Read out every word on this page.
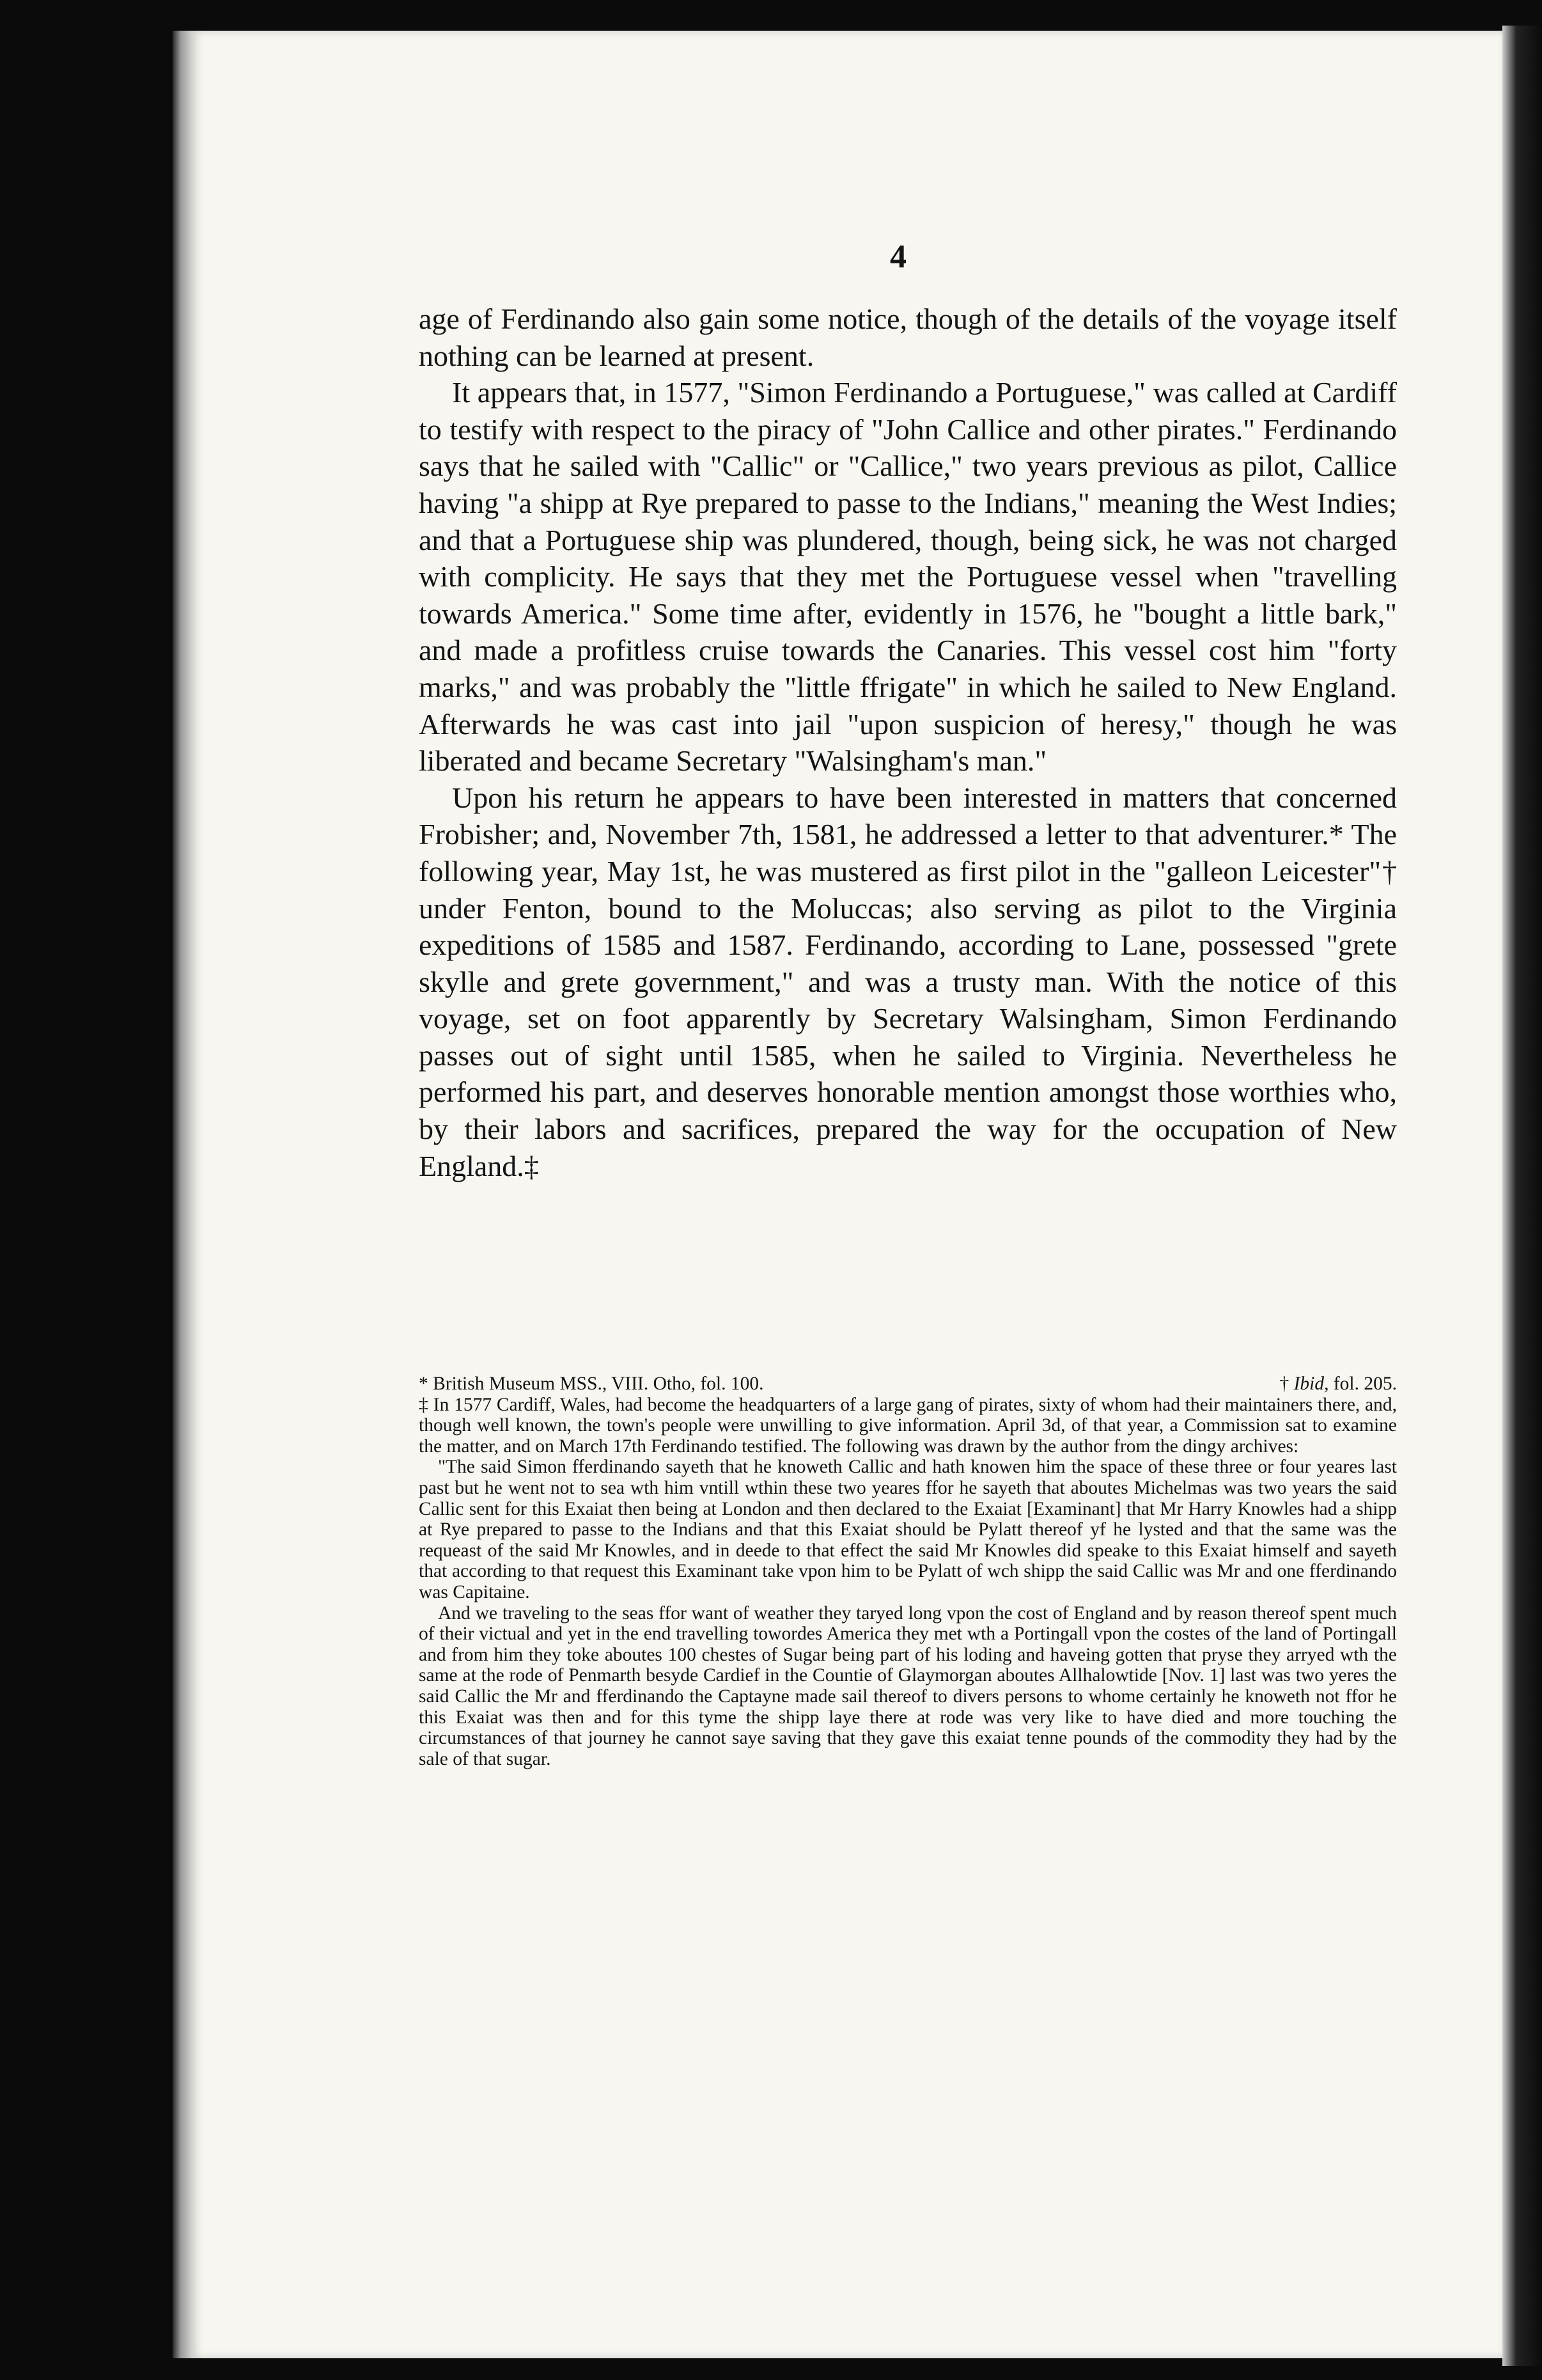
4

age of Ferdinando also gain some notice, though of the details of the voyage itself nothing can be learned at present.

It appears that, in 1577, "Simon Ferdinando a Portuguese," was called at Cardiff to testify with respect to the piracy of "John Callice and other pirates." Ferdinando says that he sailed with "Callic" or "Callice," two years previous as pilot, Callice having "a shipp at Rye prepared to passe to the Indians," meaning the West Indies; and that a Portuguese ship was plundered, though, being sick, he was not charged with complicity. He says that they met the Portuguese vessel when "travelling towards America." Some time after, evidently in 1576, he "bought a little bark," and made a profitless cruise towards the Canaries. This vessel cost him "forty marks," and was probably the "little ffrigate" in which he sailed to New England. Afterwards he was cast into jail "upon suspicion of heresy," though he was liberated and became Secretary "Walsingham's man."

Upon his return he appears to have been interested in matters that concerned Frobisher; and, November 7th, 1581, he addressed a letter to that adventurer.* The following year, May 1st, he was mustered as first pilot in the "galleon Leicester"† under Fenton, bound to the Moluccas; also serving as pilot to the Virginia expeditions of 1585 and 1587. Ferdinando, according to Lane, possessed "grete skylle and grete government," and was a trusty man. With the notice of this voyage, set on foot apparently by Secretary Walsingham, Simon Ferdinando passes out of sight until 1585, when he sailed to Virginia. Nevertheless he performed his part, and deserves honorable mention amongst those worthies who, by their labors and sacrifices, prepared the way for the occupation of New England.‡

* British Museum MSS., VIII. Otho, fol. 100.	† Ibid, fol. 205.

‡ In 1577 Cardiff, Wales, had become the headquarters of a large gang of pirates, sixty of whom had their maintainers there, and, though well known, the town's people were unwilling to give information. April 3d, of that year, a Commission sat to examine the matter, and on March 17th Ferdinando testified. The following was drawn by the author from the dingy archives:

"The said Simon fferdinando sayeth that he knoweth Callic and hath knowen him the space of these three or four yeares last past but he went not to sea wth him vntill wthin these two yeares ffor he sayeth that aboutes Michelmas was two years the said Callic sent for this Exaiat then being at London and then declared to the Exaiat [Examinant] that Mr Harry Knowles had a shipp at Rye prepared to passe to the Indians and that this Exaiat should be Pylatt thereof yf he lysted and that the same was the requeast of the said Mr Knowles, and in deede to that effect the said Mr Knowles did speake to this Exaiat himself and sayeth that according to that request this Examinant take vpon him to be Pylatt of wch shipp the said Callic was Mr and one fferdinando was Capitaine.

And we traveling to the seas ffor want of weather they taryed long vpon the cost of England and by reason thereof spent much of their victual and yet in the end travelling towordes America they met wth a Portingall vpon the costes of the land of Portingall and from him they toke aboutes 100 chestes of Sugar being part of his loding and haveing gotten that pryse they arryed wth the same at the rode of Penmarth besyde Cardief in the Countie of Glaymorgan aboutes Allhalowtide [Nov. 1] last was two yeres the said Callic the Mr and fferdinando the Captayne made sail thereof to divers persons to whome certainly he knoweth not ffor he this Exaiat was then and for this tyme the shipp laye there at rode was very like to have died and more touching the circumstances of that journey he cannot saye saving that they gave this exaiat tenne pounds of the commodity they had by the sale of that sugar.
